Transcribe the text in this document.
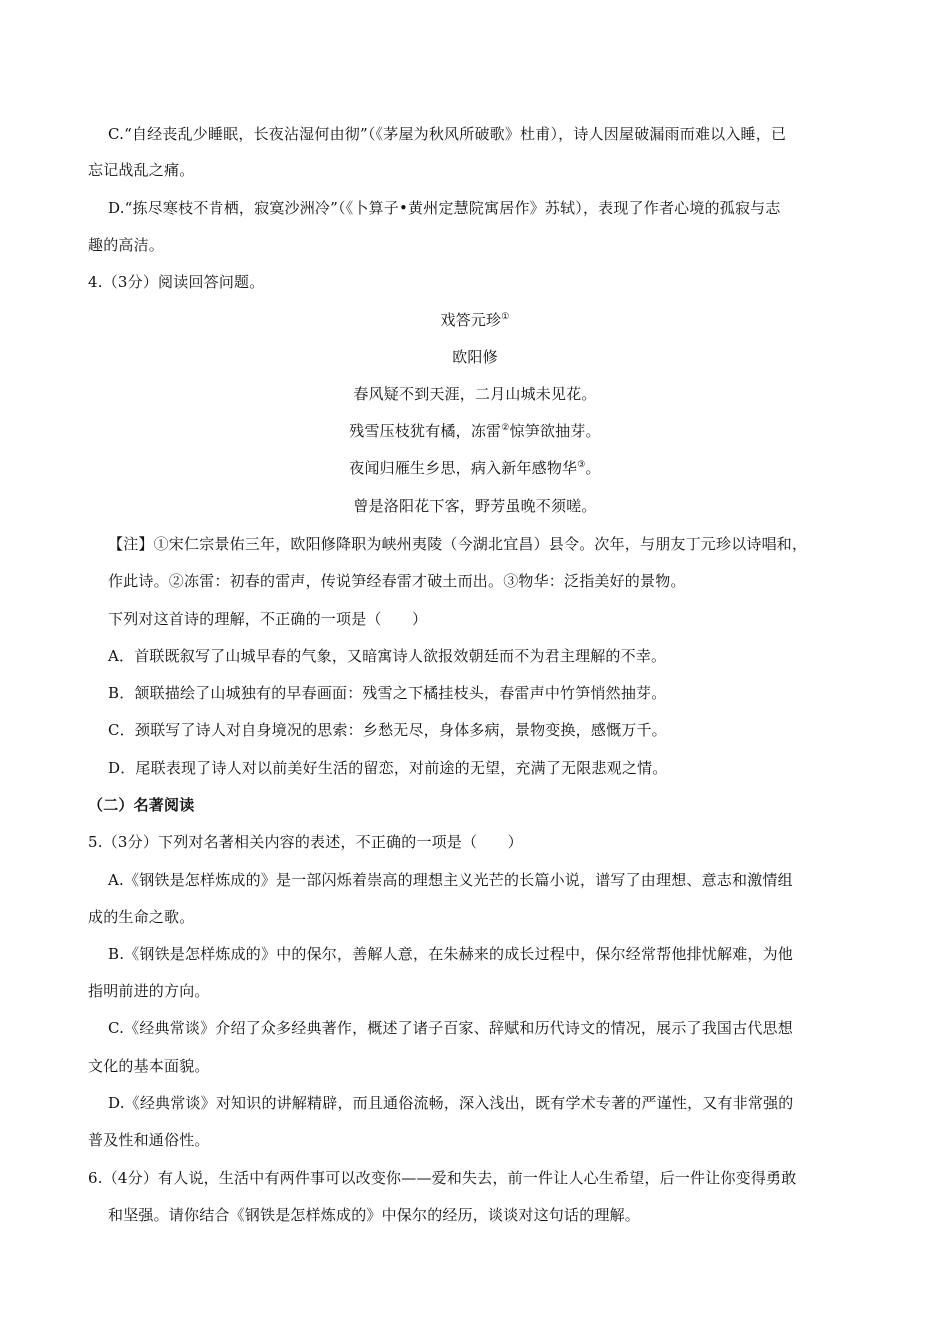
C.“自经丧乱少睡眠，长夜沾湿何由彻”（《茅屋为秋风所破歌》杜甫），诗人因屋破漏雨而难以入睡，已
忘记战乱之痛。
D.“拣尽寒枝不肯栖，寂寞沙洲冷”（《卜算子•黄州定慧院寓居作》苏轼），表现了作者心境的孤寂与志
趣的高洁。
4.（3分）阅读回答问题。
戏答元珍①
欧阳修
春风疑不到天涯，二月山城未见花。
残雪压枝犹有橘，冻雷②惊笋欲抽芽。
夜闻归雁生乡思，病入新年感物华③。
曾是洛阳花下客，野芳虽晚不须嗟。
【注】①宋仁宗景佑三年，欧阳修降职为峡州夷陵（今湖北宜昌）县令。次年，与朋友丁元珍以诗唱和，
作此诗。②冻雷：初春的雷声，传说笋经春雷才破土而出。③物华：泛指美好的景物。
下列对这首诗的理解，不正确的一项是（　　）
A．首联既叙写了山城早春的气象，又暗寓诗人欲报效朝廷而不为君主理解的不幸。
B．颔联描绘了山城独有的早春画面：残雪之下橘挂枝头，春雷声中竹笋悄然抽芽。
C．颈联写了诗人对自身境况的思索：乡愁无尽，身体多病，景物变换，感慨万千。
D．尾联表现了诗人对以前美好生活的留恋，对前途的无望，充满了无限悲观之情。
（二）名著阅读
5.（3分）下列对名著相关内容的表述，不正确的一项是（　　）
A.《钢铁是怎样炼成的》是一部闪烁着崇高的理想主义光芒的长篇小说，谱写了由理想、意志和激情组
成的生命之歌。
B.《钢铁是怎样炼成的》中的保尔，善解人意，在朱赫来的成长过程中，保尔经常帮他排忧解难，为他
指明前进的方向。
C.《经典常谈》介绍了众多经典著作，概述了诸子百家、辞赋和历代诗文的情况，展示了我国古代思想
文化的基本面貌。
D.《经典常谈》对知识的讲解精辟，而且通俗流畅，深入浅出，既有学术专著的严谨性，又有非常强的
普及性和通俗性。
6.（4分）有人说，生活中有两件事可以改变你——爱和失去，前一件让人心生希望，后一件让你变得勇敢
和坚强。请你结合《钢铁是怎样炼成的》中保尔的经历，谈谈对这句话的理解。
